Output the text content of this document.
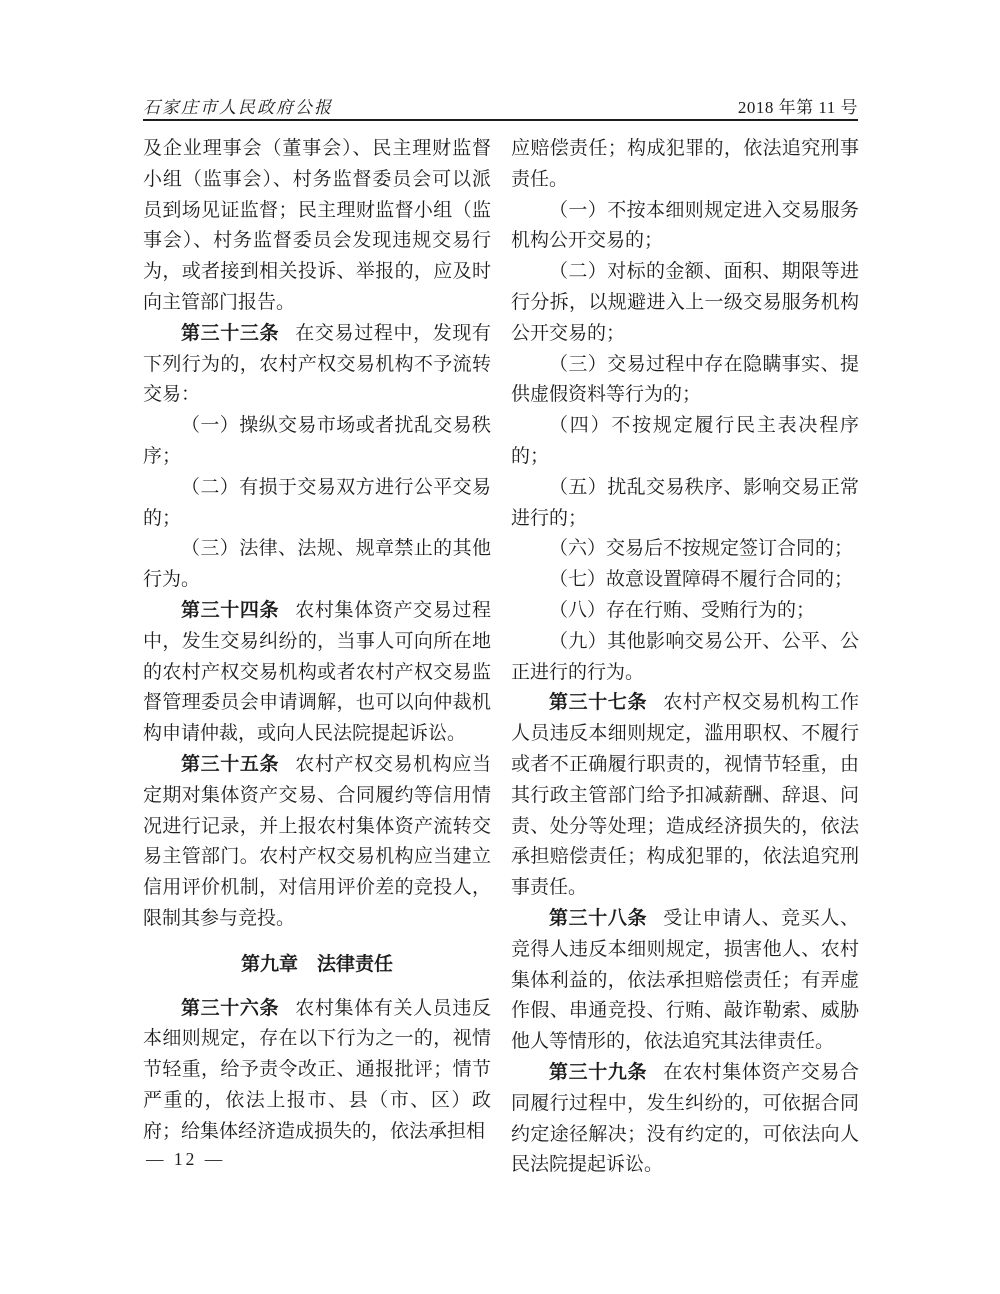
石家庄市人民政府公报	2018 年第 11 号

及企业理事会（董事会）、民主理财监督小组（监事会）、村务监督委员会可以派员到场见证监督；民主理财监督小组（监事会）、村务监督委员会发现违规交易行为，或者接到相关投诉、举报的，应及时向主管部门报告。

第三十三条 在交易过程中，发现有下列行为的，农村产权交易机构不予流转交易：

（一）操纵交易市场或者扰乱交易秩序；

（二）有损于交易双方进行公平交易的；

（三）法律、法规、规章禁止的其他行为。

第三十四条 农村集体资产交易过程中，发生交易纠纷的，当事人可向所在地的农村产权交易机构或者农村产权交易监督管理委员会申请调解，也可以向仲裁机构申请仲裁，或向人民法院提起诉讼。

第三十五条 农村产权交易机构应当定期对集体资产交易、合同履约等信用情况进行记录，并上报农村集体资产流转交易主管部门。农村产权交易机构应当建立信用评价机制，对信用评价差的竞投人，限制其参与竞投。

第九章　法律责任

第三十六条 农村集体有关人员违反本细则规定，存在以下行为之一的，视情节轻重，给予责令改正、通报批评；情节严重的，依法上报市、县（市、区）政府；给集体经济造成损失的，依法承担相

应赔偿责任；构成犯罪的，依法追究刑事责任。

（一）不按本细则规定进入交易服务机构公开交易的；

（二）对标的金额、面积、期限等进行分拆，以规避进入上一级交易服务机构公开交易的；

（三）交易过程中存在隐瞒事实、提供虚假资料等行为的；

（四）不按规定履行民主表决程序的；

（五）扰乱交易秩序、影响交易正常进行的；

（六）交易后不按规定签订合同的；

（七）故意设置障碍不履行合同的；

（八）存在行贿、受贿行为的；

（九）其他影响交易公开、公平、公正进行的行为。

第三十七条 农村产权交易机构工作人员违反本细则规定，滥用职权、不履行或者不正确履行职责的，视情节轻重，由其行政主管部门给予扣减薪酬、辞退、问责、处分等处理；造成经济损失的，依法承担赔偿责任；构成犯罪的，依法追究刑事责任。

第三十八条 受让申请人、竞买人、竞得人违反本细则规定，损害他人、农村集体利益的，依法承担赔偿责任；有弄虚作假、串通竞投、行贿、敲诈勒索、威胁他人等情形的，依法追究其法律责任。

第三十九条 在农村集体资产交易合同履行过程中，发生纠纷的，可依据合同约定途径解决；没有约定的，可依法向人民法院提起诉讼。

— 12 —
